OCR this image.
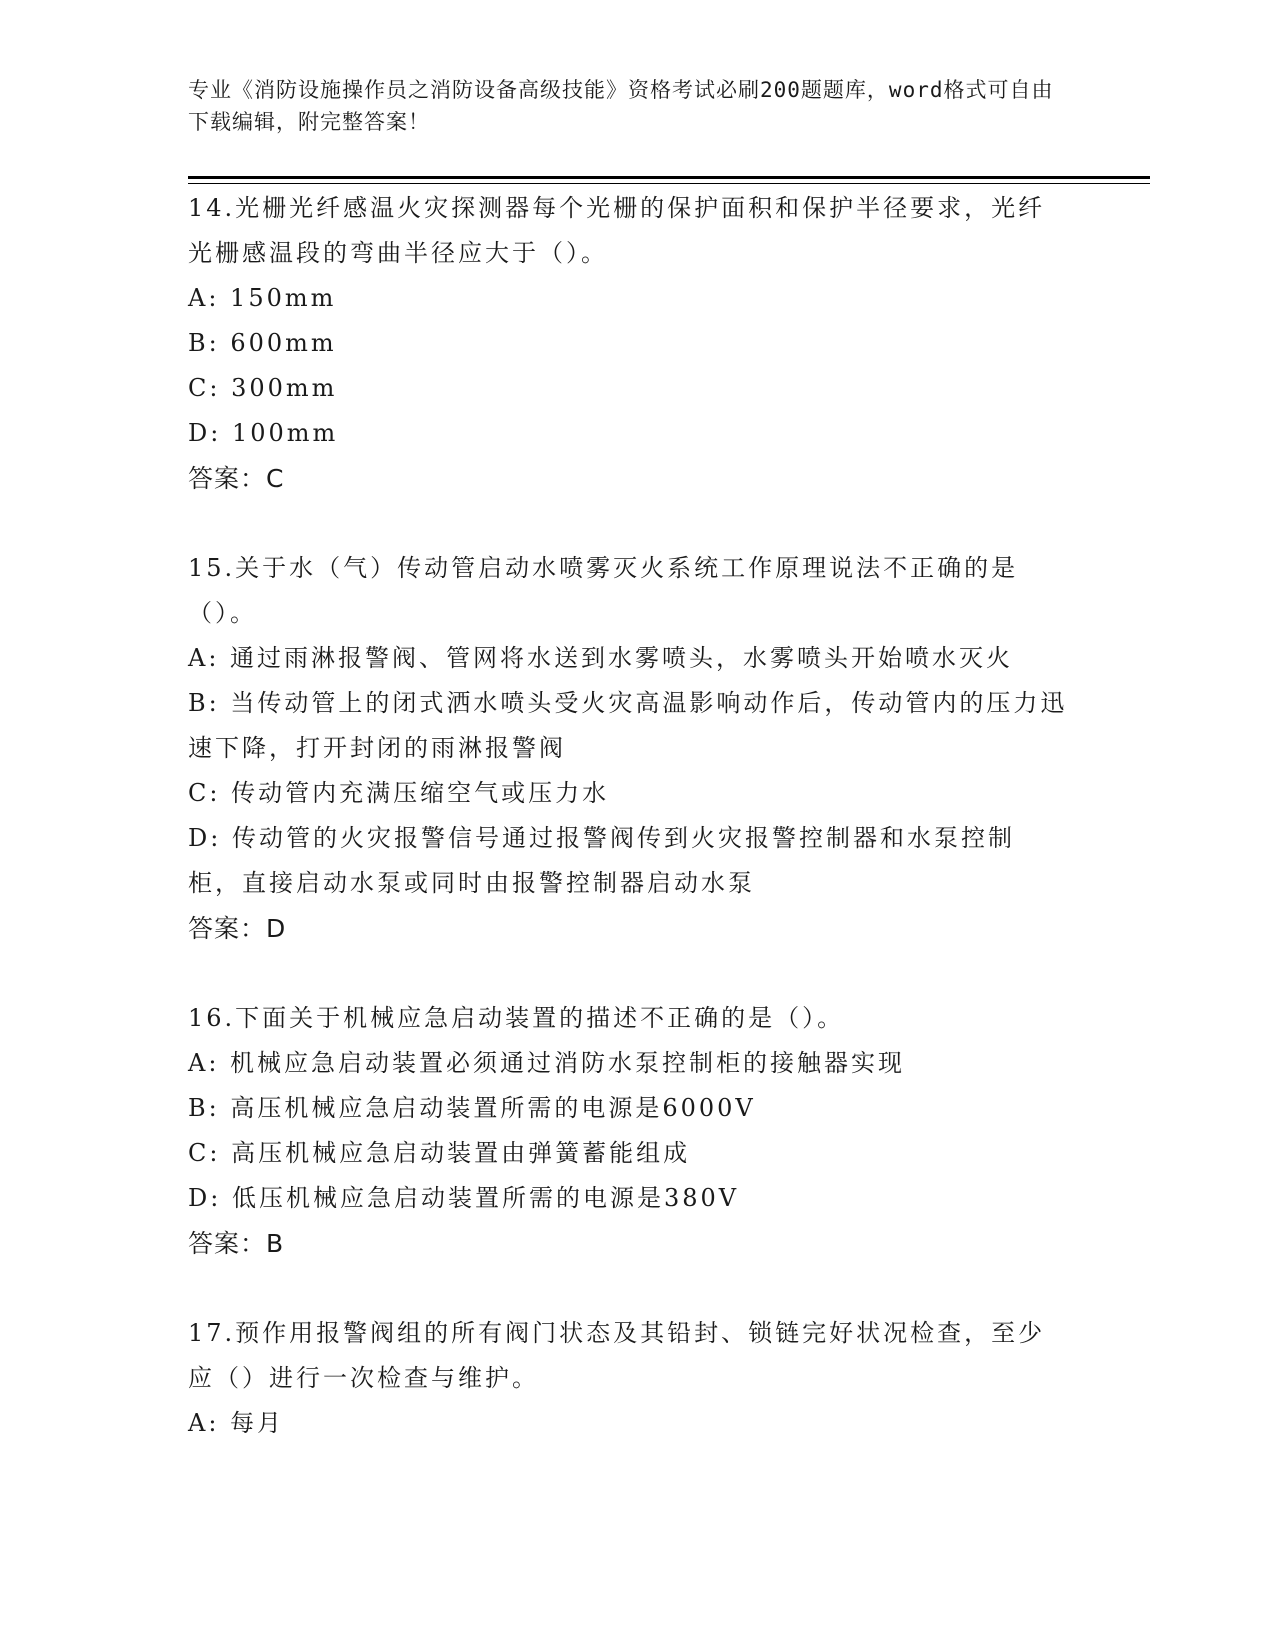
专业《消防设施操作员之消防设备高级技能》资格考试必刷200题题库，word格式可自由下载编辑，附完整答案！
14.光栅光纤感温火灾探测器每个光栅的保护面积和保护半径要求，光纤光栅感温段的弯曲半径应大于（）。
A: 150mm
B: 600mm
C: 300mm
D: 100mm
答案：C
15.关于水（气）传动管启动水喷雾灭火系统工作原理说法不正确的是（）。
A: 通过雨淋报警阀、管网将水送到水雾喷头，水雾喷头开始喷水灭火
B: 当传动管上的闭式洒水喷头受火灾高温影响动作后，传动管内的压力迅速下降，打开封闭的雨淋报警阀
C: 传动管内充满压缩空气或压力水
D: 传动管的火灾报警信号通过报警阀传到火灾报警控制器和水泵控制柜，直接启动水泵或同时由报警控制器启动水泵
答案：D
16.下面关于机械应急启动装置的描述不正确的是（）。
A: 机械应急启动装置必须通过消防水泵控制柜的接触器实现
B: 高压机械应急启动装置所需的电源是6000V
C: 高压机械应急启动装置由弹簧蓄能组成
D: 低压机械应急启动装置所需的电源是380V
答案：B
17.预作用报警阀组的所有阀门状态及其铅封、锁链完好状况检查，至少应（）进行一次检查与维护。
A: 每月
